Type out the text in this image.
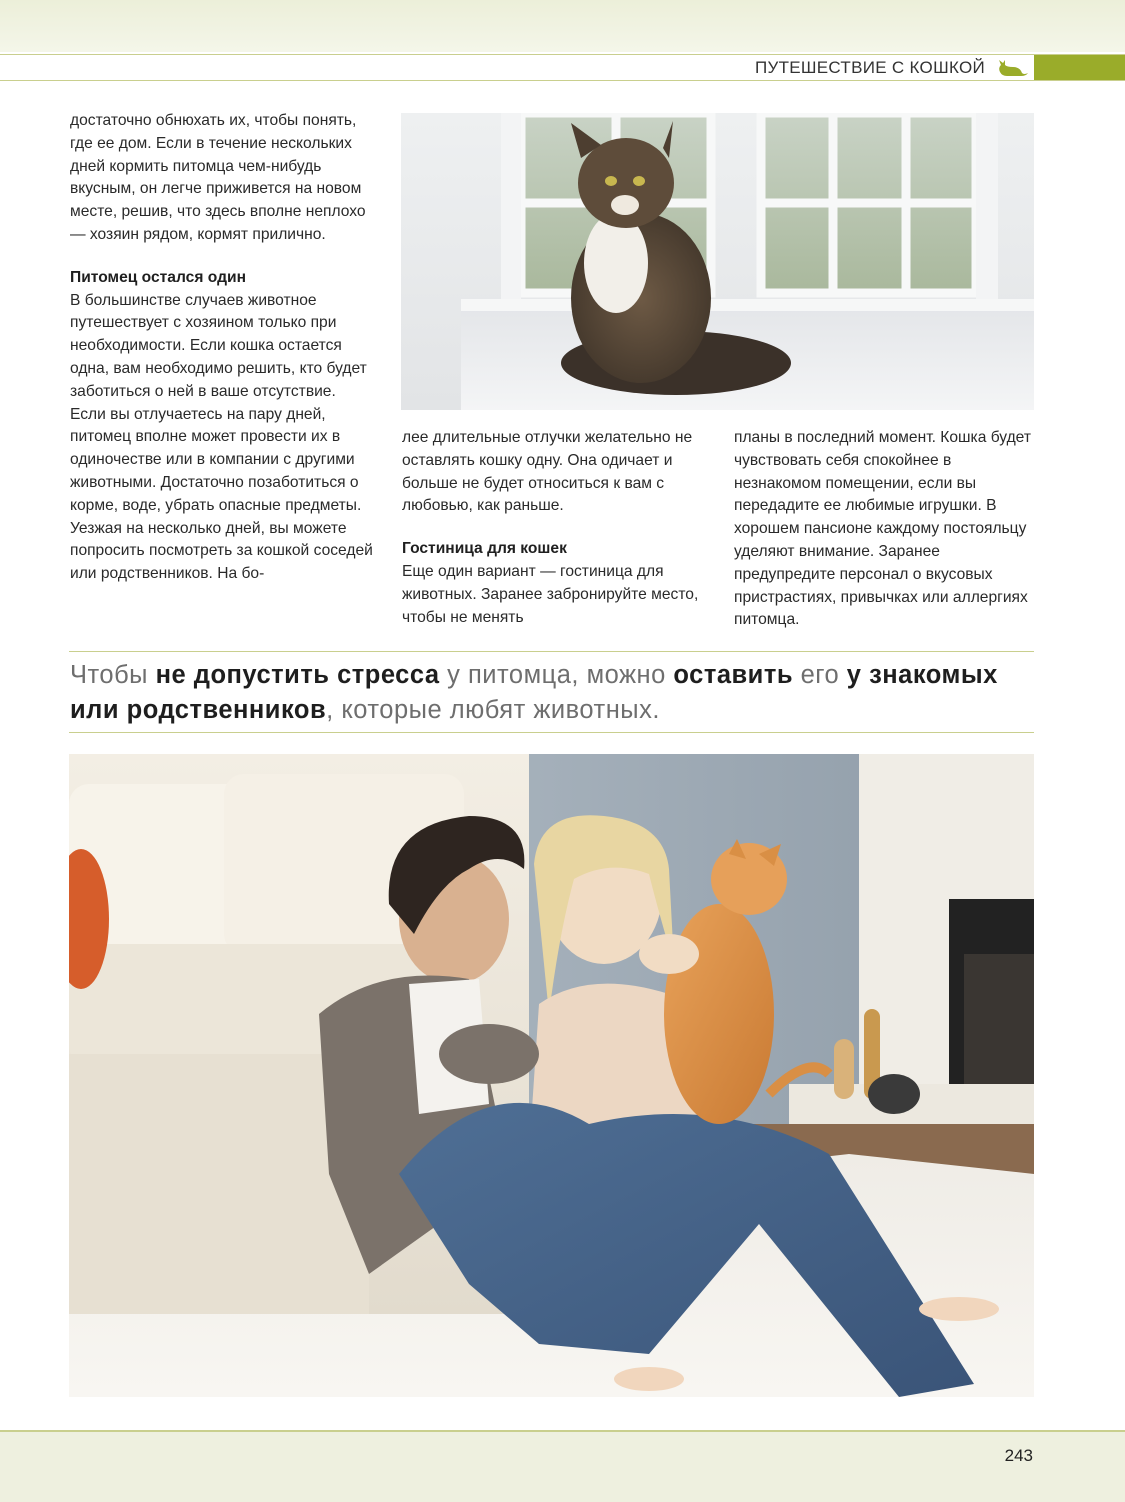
ПУТЕШЕСТВИЕ С КОШКОЙ

достаточно обнюхать их, чтобы понять, где ее дом. Если в течение нескольких дней кормить питомца чем-нибудь вкусным, он легче приживется на новом месте, решив, что здесь вполне неплохо — хозяин рядом, кормят прилично.

Питомец остался один

В большинстве случаев животное путешествует с хозяином только при необходимости. Если кошка остается одна, вам необходимо решить, кто будет заботиться о ней в ваше отсутствие. Если вы отлучаетесь на пару дней, питомец вполне может провести их в одиночестве или в компании с другими животными. Достаточно позаботиться о корме, воде, убрать опасные предметы. Уезжая на несколько дней, вы можете попросить посмотреть за кошкой соседей или родственников. На бо-

лее длительные отлучки желательно не оставлять кошку одну. Она одичает и больше не будет относиться к вам с любовью, как раньше.

Гостиница для кошек

Еще один вариант — гостиница для животных. Заранее забронируйте место, чтобы не менять

планы в последний момент. Кошка будет чувствовать себя спокойнее в незнакомом помещении, если вы передадите ее любимые игрушки. В хорошем пансионе каждому постояльцу уделяют внимание. Заранее предупредите персонал о вкусовых пристрастиях, привычках или аллергиях питомца.

Чтобы не допустить стресса у питомца, можно оставить его у знакомых или родственников, которые любят животных.
243
